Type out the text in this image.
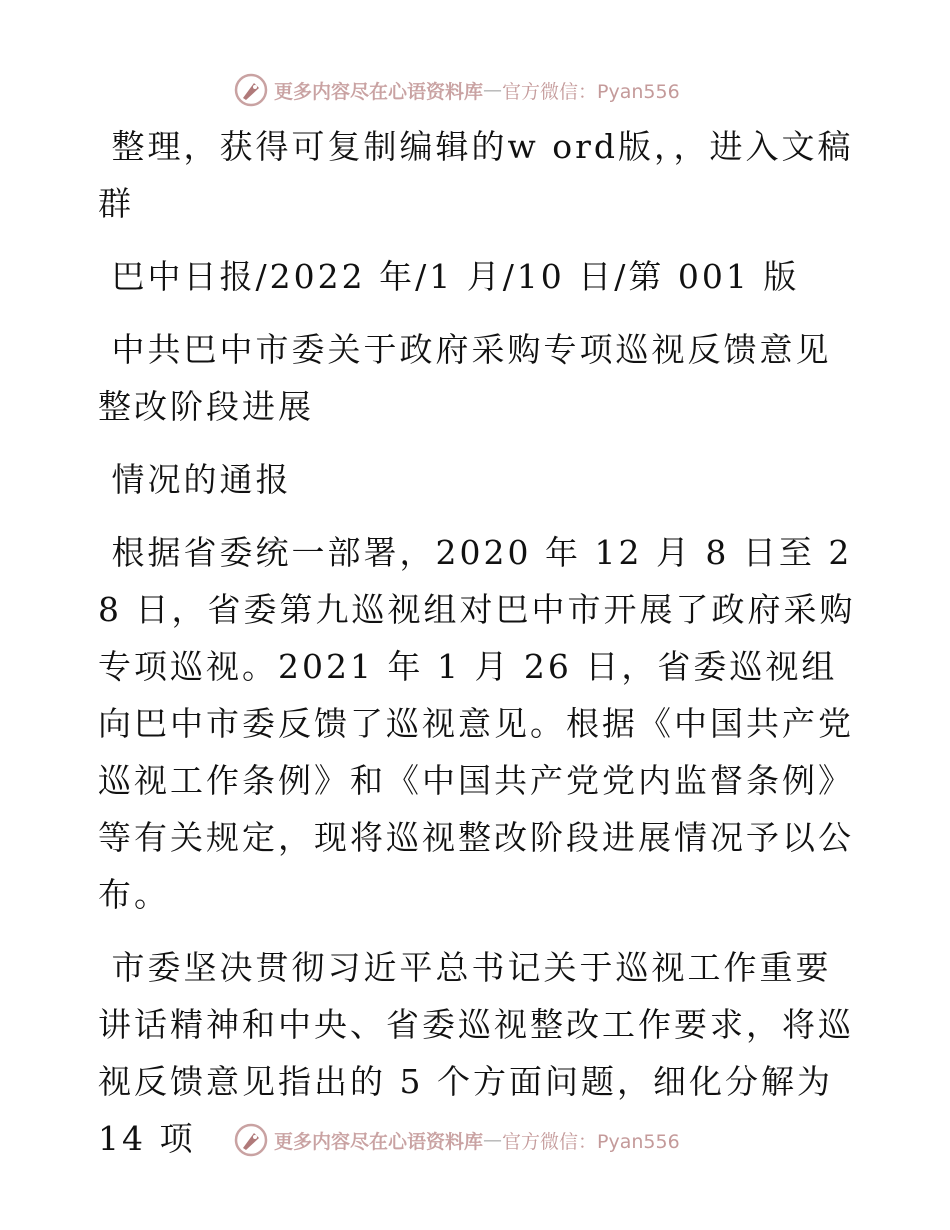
更多内容尽在心语资料库 — 官方微信：Pyan556

整理，获得可复制编辑的w ord版，，进入文稿群

巴中日报/2022 年/1 月/10 日/第 001 版

中共巴中市委关于政府采购专项巡视反馈意见整改阶段进展

情况的通报

根据省委统一部署，2020 年 12 月 8 日至 28 日，省委第九巡视组对巴中市开展了政府采购专项巡视。2021 年 1 月 26 日，省委巡视组向巴中市委反馈了巡视意见。根据《中国共产党巡视工作条例》和《中国共产党党内监督条例》等有关规定，现将巡视整改阶段进展情况予以公布。

市委坚决贯彻习近平总书记关于巡视工作重要讲话精神和中央、省委巡视整改工作要求，将巡视反馈意见指出的 5 个方面问题，细化分解为 14 项	更多内容尽在心语资料库 — 官方微信：Pyan556
